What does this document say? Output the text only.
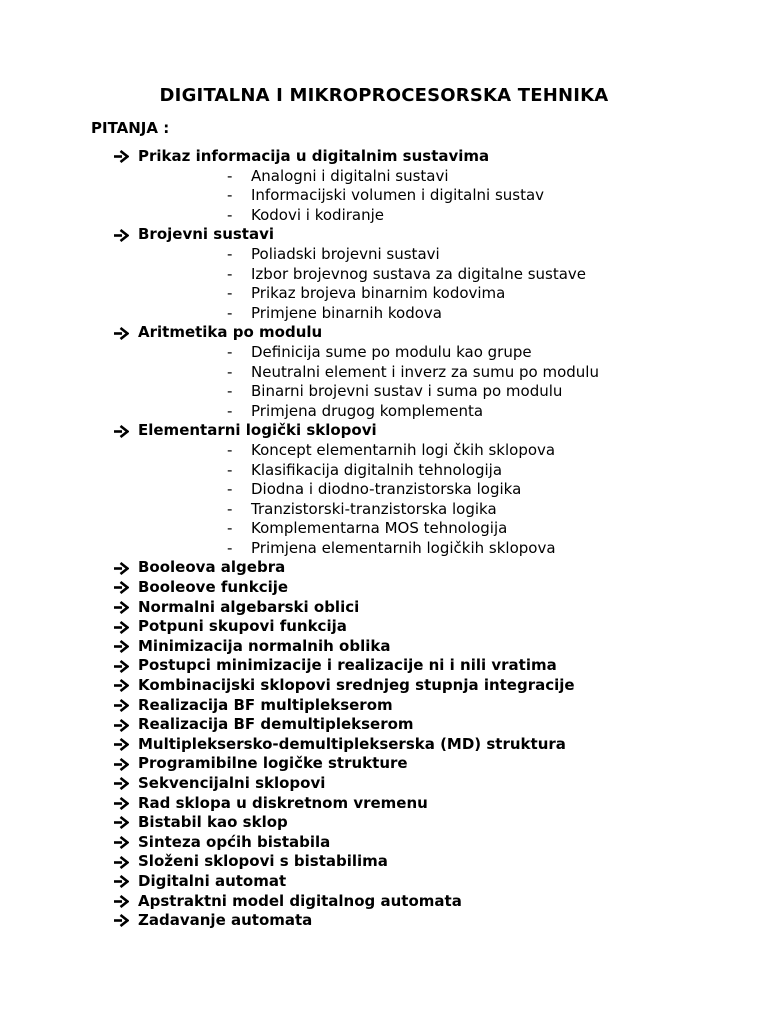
DIGITALNA I MIKROPROCESORSKA TEHNIKA
PITANJA :
Prikaz informacija u digitalnim sustavima
-	Analogni i digitalni sustavi
-	Informacijski volumen i digitalni sustav
-	Kodovi i kodiranje
Brojevni sustavi
-	Poliadski brojevni sustavi
-	Izbor brojevnog sustava za digitalne sustave
-	Prikaz brojeva binarnim kodovima
-	Primjene binarnih kodova
Aritmetika po modulu
-	Definicija sume po modulu kao grupe
-	Neutralni element i inverz za sumu po modulu
-	Binarni brojevni sustav i suma po modulu
-	Primjena drugog komplementa
Elementarni logički sklopovi
-	Koncept elementarnih logi čkih sklopova
-	Klasifikacija digitalnih tehnologija
-	Diodna i diodno-tranzistorska logika
-	Tranzistorski-tranzistorska logika
-	Komplementarna MOS tehnologija
-	Primjena elementarnih logičkih sklopova
Booleova algebra
Booleove funkcije
Normalni algebarski oblici
Potpuni skupovi funkcija
Minimizacija normalnih oblika
Postupci minimizacije i realizacije ni i nili vratima
Kombinacijski sklopovi srednjeg stupnja integracije
Realizacija BF multiplekserom
Realizacija BF demultiplekserom
Multipleksersko-demultiplekserska (MD) struktura
Programibilne logičke strukture
Sekvencijalni sklopovi
Rad sklopa u diskretnom vremenu
Bistabil kao sklop
Sinteza općih bistabila
Složeni sklopovi s bistabilima
Digitalni automat
Apstraktni model digitalnog automata
Zadavanje automata
